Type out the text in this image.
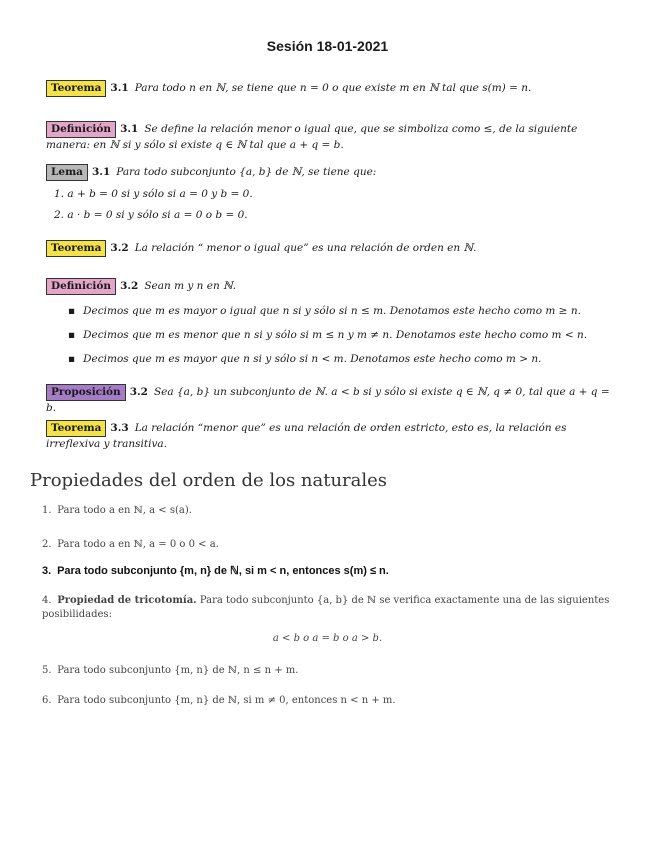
Sesión 18-01-2021
Teorema 3.1 Para todo n en ℕ, se tiene que n = 0 o que existe m en ℕ tal que s(m) = n.
Definición 3.1 Se define la relación menor o igual que, que se simboliza como ≤, de la siguiente manera: en ℕ si y sólo si existe q ∈ ℕ tal que a + q = b.
Lema 3.1 Para todo subconjunto {a, b} de ℕ, se tiene que:
1. a + b = 0 si y sólo si a = 0 y b = 0.
2. a · b = 0 si y sólo si a = 0 o b = 0.
Teorema 3.2 La relación “ menor o igual que” es una relación de orden en ℕ.
Definición 3.2 Sean m y n en ℕ.
▪ Decimos que m es mayor o igual que n si y sólo si n ≤ m. Denotamos este hecho como m ≥ n.
▪ Decimos que m es menor que n si y sólo si m ≤ n y m ≠ n. Denotamos este hecho como m < n.
▪ Decimos que m es mayor que n si y sólo si n < m. Denotamos este hecho como m > n.
Proposición 3.2 Sea {a, b} un subconjunto de ℕ. a < b si y sólo si existe q ∈ ℕ, q ≠ 0, tal que a + q = b.
Teorema 3.3 La relación “menor que” es una relación de orden estricto, esto es, la relación es irreflexiva y transitiva.
Propiedades del orden de los naturales
1. Para todo a en ℕ, a < s(a).
2. Para todo a en ℕ, a = 0 o 0 < a.
3. Para todo subconjunto {m, n} de ℕ, si m < n, entonces s(m) ≤ n.
4. Propiedad de tricotomía. Para todo subconjunto {a, b} de ℕ se verifica exactamente una de las siguientes posibilidades:
a < b o a = b o a > b.
5. Para todo subconjunto {m, n} de ℕ, n ≤ n + m.
6. Para todo subconjunto {m, n} de ℕ, si m ≠ 0, entonces n < n + m.
